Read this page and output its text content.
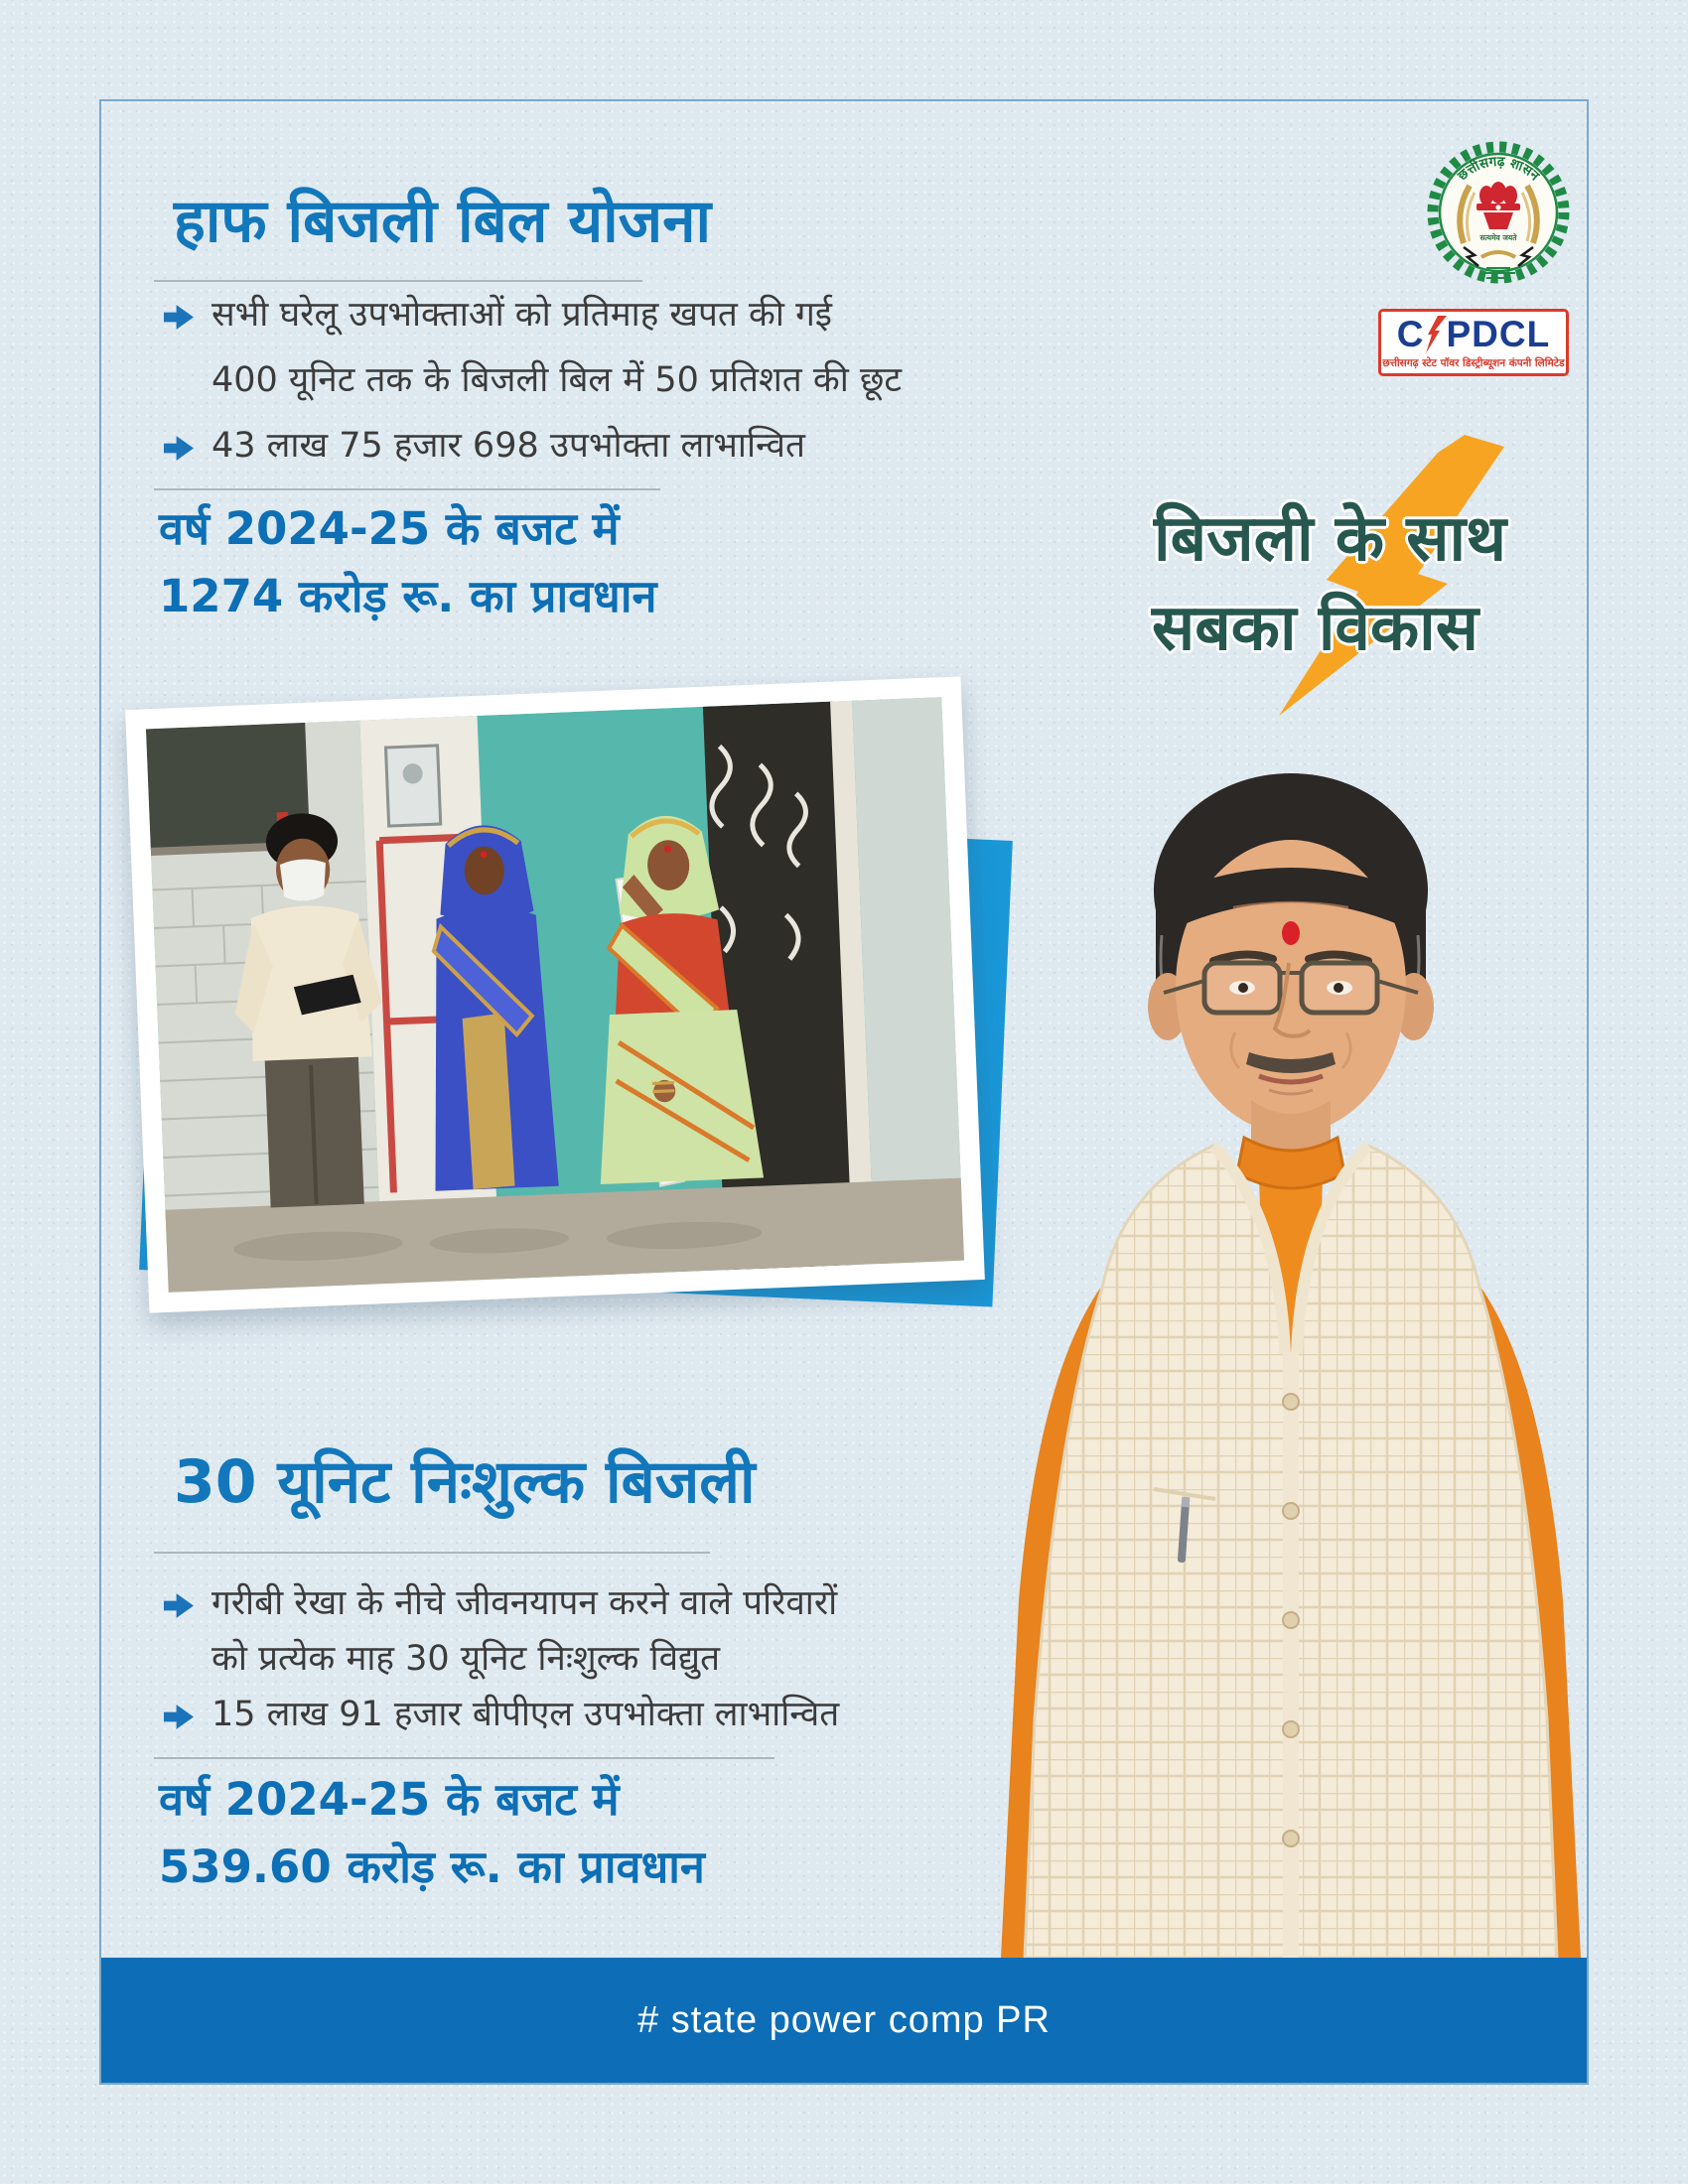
हाफ बिजली बिल योजना
सभी घरेलू उपभोक्ताओं को प्रतिमाह खपत की गई
400 यूनिट तक के बिजली बिल में 50 प्रतिशत की छूट
43 लाख 75 हजार 698 उपभोक्ता लाभान्वित
वर्ष 2024-25 के बजट में
1274 करोड़ रू. का प्रावधान
छत्तीसगढ़ शासन
सत्यमेव जयते
C PDCL
छत्तीसगढ़ स्टेट पॉवर डिस्ट्रीब्यूशन कंपनी लिमिटेड
बिजली के साथ
सबका विकास
30 यूनिट निःशुल्क बिजली
गरीबी रेखा के नीचे जीवनयापन करने वाले परिवारों
को प्रत्येक माह 30 यूनिट निःशुल्क विद्युत
15 लाख 91 हजार बीपीएल उपभोक्ता लाभान्वित
वर्ष 2024-25 के बजट में
539.60 करोड़ रू. का प्रावधान
# state power comp PR
